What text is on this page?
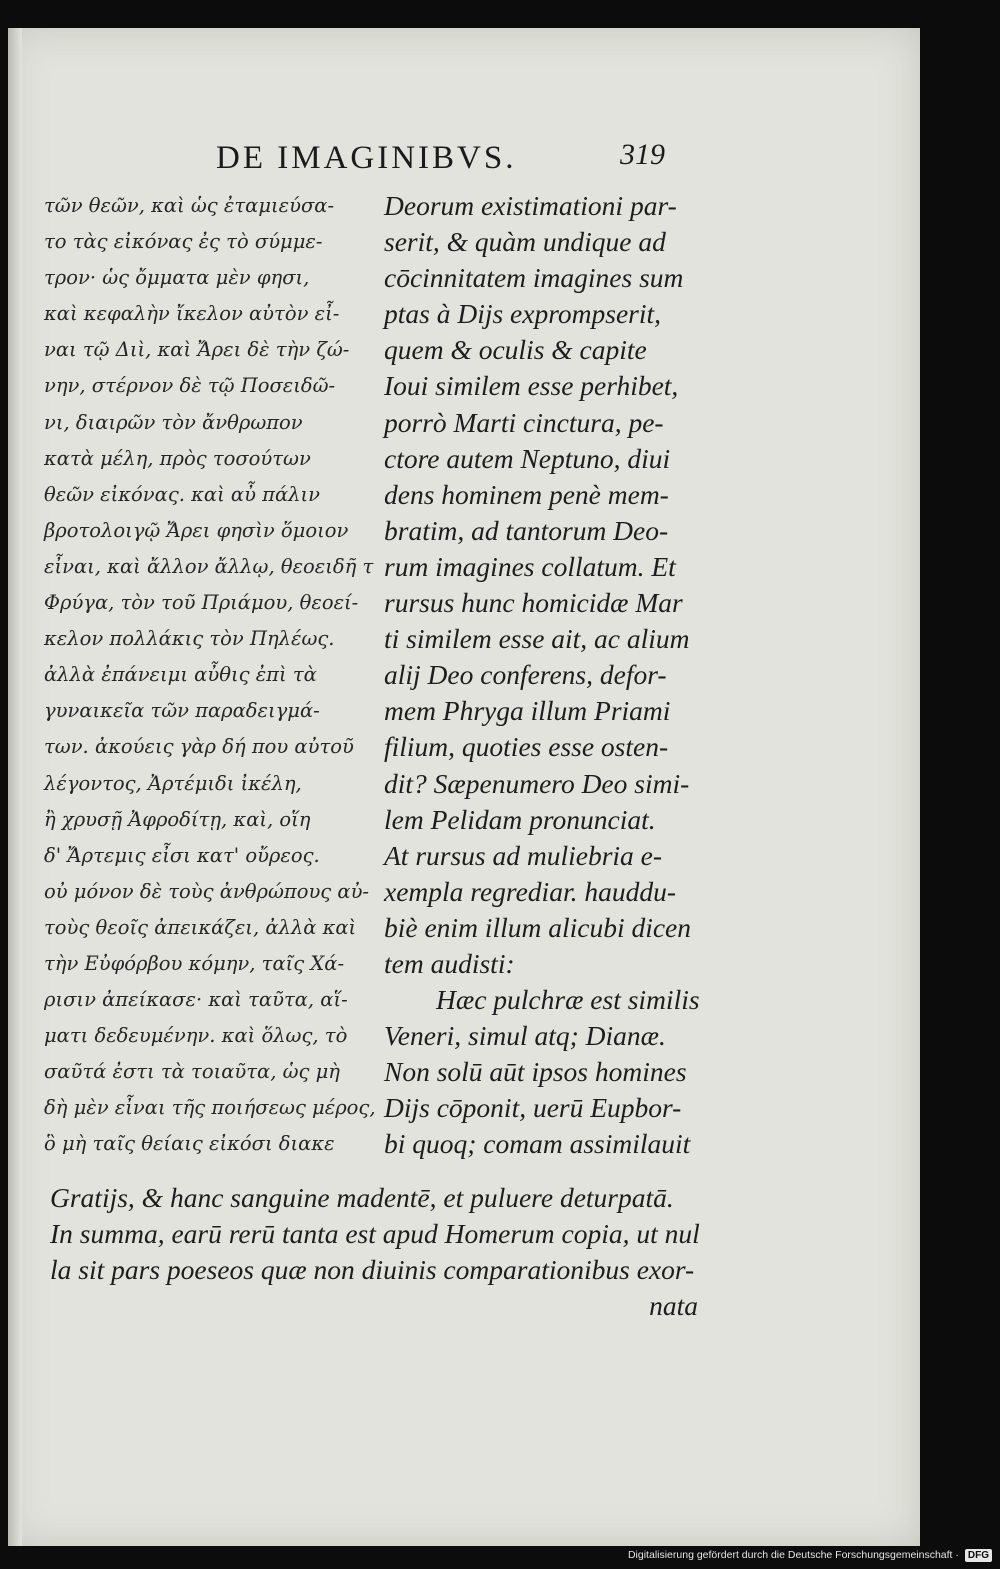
DE IMAGINIBVS.	319
τῶν θεῶν, καὶ ὡς ἐταμιεύσα-
το τὰς εἰκόνας ἐς τὸ σύμμε-
τρον· ὡς ὄμματα μὲν φησι,
καὶ κεφαλὴν ἴκελον αὐτὸν εἶ-
ναι τῷ Διὶ, καὶ Ἄρει δὲ τὴν ζώ-
νην, στέρνον δὲ τῷ Ποσειδῶ-
νι, διαιρῶν τὸν ἄνθρωπον
κατὰ μέλη, πρὸς τοσούτων
θεῶν εἰκόνας. καὶ αὖ πάλιν
βροτολοιγῷ Ἄρει φησὶν ὅμοιον
εἶναι, καὶ ἄλλον ἄλλῳ, θεοειδῆ τ
Φρύγα, τὸν τοῦ Πριάμου, θεοεί-
κελον πολλάκις τὸν Πηλέως.
ἀλλὰ ἐπάνειμι αὖθις ἐπὶ τὰ
γυναικεῖα τῶν παραδειγμά-
των. ἀκούεις γὰρ δή που αὐτοῦ
λέγοντος, Ἀρτέμιδι ἰκέλη,
ἢ χρυσῇ Ἀφροδίτῃ, καὶ, οἵη
δ' Ἄρτεμις εἶσι κατ' οὔρεος.
οὐ μόνον δὲ τοὺς ἀνθρώπους αὐ-
τοὺς θεοῖς ἀπεικάζει, ἀλλὰ καὶ
τὴν Εὐφόρβου κόμην, ταῖς Χά-
ρισιν ἀπείκασε· καὶ ταῦτα, αἵ-
ματι δεδευμένην. καὶ ὅλως, τὸ
σαῦτά ἐστι τὰ τοιαῦτα, ὡς μὴ
δὴ μὲν εἶναι τῆς ποιήσεως μέρος,
ὃ μὴ ταῖς θείαις εἰκόσι διακε
Deorum existimationi par-
serit, & quàm undique ad
cōcinnitatem imagines sum
ptas à Dijs exprompserit,
quem & oculis & capite
Ioui similem esse perhibet,
porrò Marti cinctura, pe-
ctore autem Neptuno, diui
dens hominem penè mem-
bratim, ad tantorum Deo-
rum imagines collatum. Et
rursus hunc homicidæ Mar
ti similem esse ait, ac alium
alij Deo conferens, defor-
mem Phryga illum Priami
filium, quoties esse osten-
dit? Sæpenumero Deo simi-
lem Pelidam pronunciat.
At rursus ad muliebria e-
xempla regrediar. hauddu-
biè enim illum alicubi dicen
tem audisti:
Hæc pulchræ est similis
Veneri, simul atq; Dianæ.
Non solū aūt ipsos homines
Dijs cōponit, uerū Eupbor-
bi quoq; comam assimilauit
Gratijs, & hanc sanguine madentē, et puluere deturpatā.
In summa, earū rerū tanta est apud Homerum copia, ut nul
la sit pars poeseos quæ non diuinis comparationibus exor-
nata
Digitalisierung gefördert durch die Deutsche Forschungsgemeinschaft · DFG
